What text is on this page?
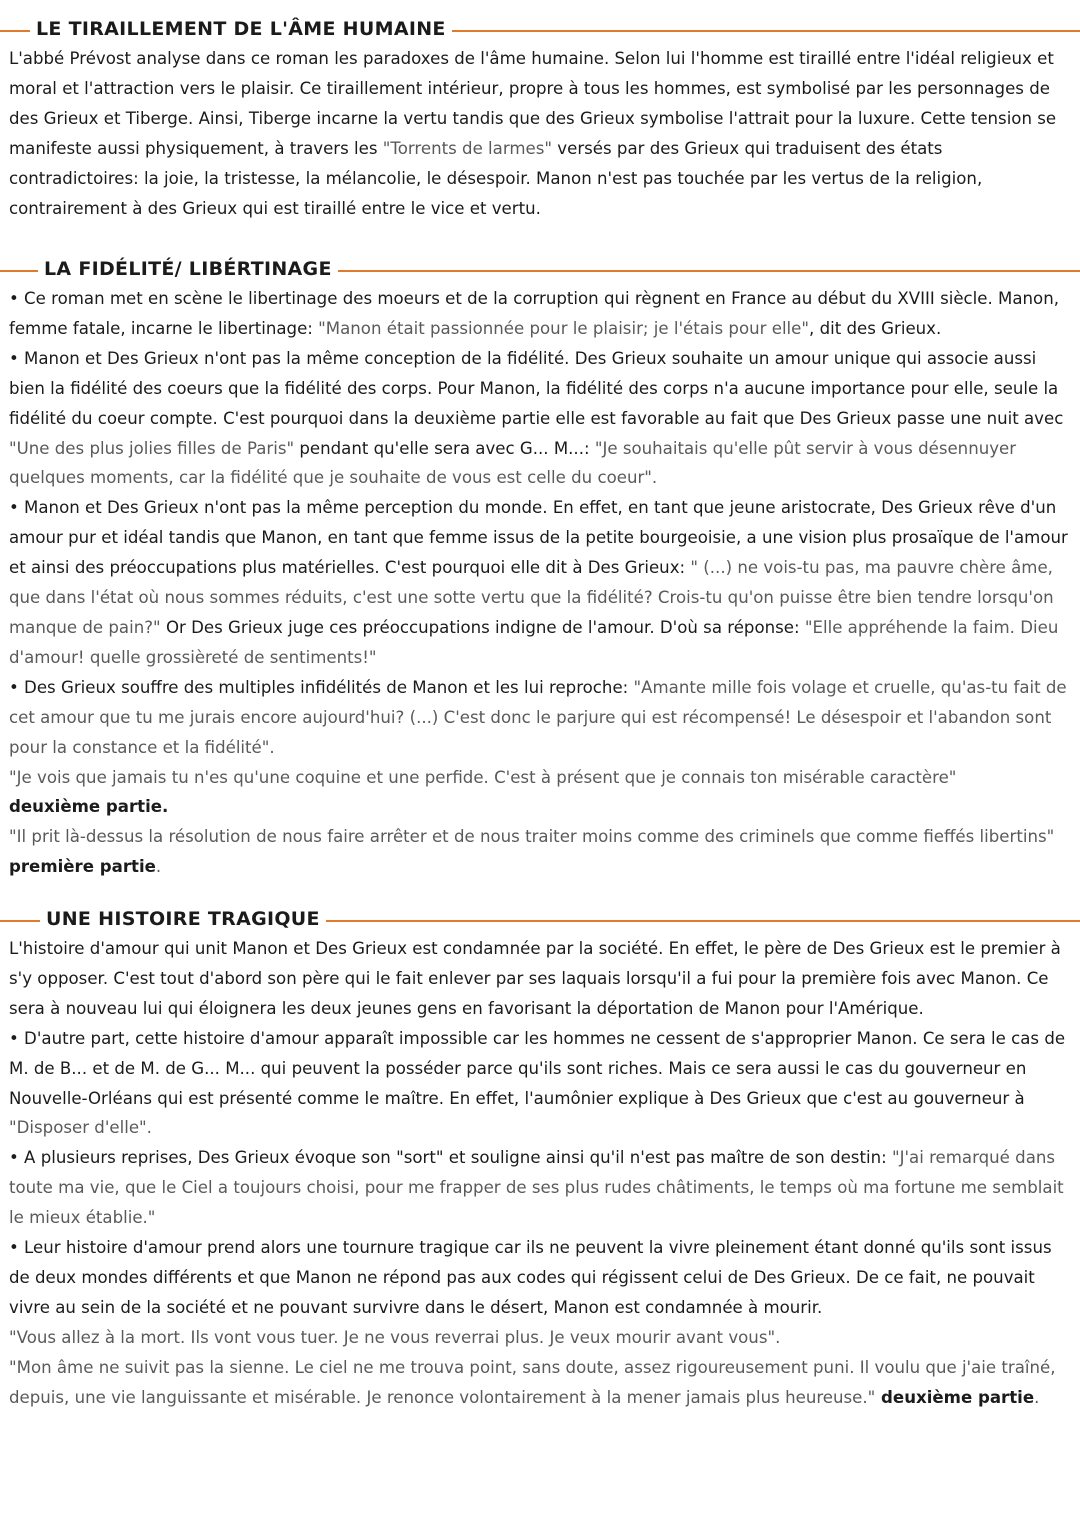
LE TIRAILLEMENT DE L'ÂME HUMAINE

L'abbé Prévost analyse dans ce roman les paradoxes de l'âme humaine. Selon lui l'homme est tiraillé entre l'idéal religieux et moral et l'attraction vers le plaisir. Ce tiraillement intérieur, propre à tous les hommes, est symbolisé par les personnages de des Grieux et Tiberge. Ainsi, Tiberge incarne la vertu tandis que des Grieux symbolise l'attrait pour la luxure. Cette tension se manifeste aussi physiquement, à travers les "Torrents de larmes" versés par des Grieux qui traduisent des états contradictoires: la joie, la tristesse, la mélancolie, le désespoir. Manon n'est pas touchée par les vertus de la religion, contrairement à des Grieux qui est tiraillé entre le vice et vertu.

LA FIDÉLITÉ/ LIBÉRTINAGE

• Ce roman met en scène le libertinage des moeurs et de la corruption qui règnent en France au début du XVIII siècle. Manon, femme fatale, incarne le libertinage: "Manon était passionnée pour le plaisir; je l'étais pour elle", dit des Grieux.

• Manon et Des Grieux n'ont pas la même conception de la fidélité. Des Grieux souhaite un amour unique qui associe aussi bien la fidélité des coeurs que la fidélité des corps. Pour Manon, la fidélité des corps n'a aucune importance pour elle, seule la fidélité du coeur compte. C'est pourquoi dans la deuxième partie elle est favorable au fait que Des Grieux passe une nuit avec "Une des plus jolies filles de Paris" pendant qu'elle sera avec G... M...: "Je souhaitais qu'elle pût servir à vous désennuyer quelques moments, car la fidélité que je souhaite de vous est celle du coeur".

• Manon et Des Grieux n'ont pas la même perception du monde. En effet, en tant que jeune aristocrate, Des Grieux rêve d'un amour pur et idéal tandis que Manon, en tant que femme issus de la petite bourgeoisie, a une vision plus prosaïque de l'amour et ainsi des préoccupations plus matérielles. C'est pourquoi elle dit à Des Grieux: " (...) ne vois-tu pas, ma pauvre chère âme, que dans l'état où nous sommes réduits, c'est une sotte vertu que la fidélité? Crois-tu qu'on puisse être bien tendre lorsqu'on manque de pain?" Or Des Grieux juge ces préoccupations indigne de l'amour. D'où sa réponse: "Elle appréhende la faim. Dieu d'amour! quelle grossièreté de sentiments!"

• Des Grieux souffre des multiples infidélités de Manon et les lui reproche: "Amante mille fois volage et cruelle, qu'as-tu fait de cet amour que tu me jurais encore aujourd'hui? (...) C'est donc le parjure qui est récompensé! Le désespoir et l'abandon sont pour la constance et la fidélité".

"Je vois que jamais tu n'es qu'une coquine et une perfide. C'est à présent que je connais ton misérable caractère"

deuxième partie.

"Il prit là-dessus la résolution de nous faire arrêter et de nous traiter moins comme des criminels que comme fieffés libertins" première partie.

UNE HISTOIRE TRAGIQUE

L'histoire d'amour qui unit Manon et Des Grieux est condamnée par la société. En effet, le père de Des Grieux est le premier à s'y opposer. C'est tout d'abord son père qui le fait enlever par ses laquais lorsqu'il a fui pour la première fois avec Manon. Ce sera à nouveau lui qui éloignera les deux jeunes gens en favorisant la déportation de Manon pour l'Amérique.

• D'autre part, cette histoire d'amour apparaît impossible car les hommes ne cessent de s'approprier Manon. Ce sera le cas de M. de B... et de M. de G... M... qui peuvent la posséder parce qu'ils sont riches. Mais ce sera aussi le cas du gouverneur en Nouvelle-Orléans qui est présenté comme le maître. En effet, l'aumônier explique à Des Grieux que c'est au gouverneur à "Disposer d'elle".

• A plusieurs reprises, Des Grieux évoque son "sort" et souligne ainsi qu'il n'est pas maître de son destin: "J'ai remarqué dans toute ma vie, que le Ciel a toujours choisi, pour me frapper de ses plus rudes châtiments, le temps où ma fortune me semblait le mieux établie."

• Leur histoire d'amour prend alors une tournure tragique car ils ne peuvent la vivre pleinement étant donné qu'ils sont issus de deux mondes différents et que Manon ne répond pas aux codes qui régissent celui de Des Grieux. De ce fait, ne pouvait vivre au sein de la société et ne pouvant survivre dans le désert, Manon est condamnée à mourir.

"Vous allez à la mort. Ils vont vous tuer. Je ne vous reverrai plus. Je veux mourir avant vous".

"Mon âme ne suivit pas la sienne. Le ciel ne me trouva point, sans doute, assez rigoureusement puni. Il voulu que j'aie traîné, depuis, une vie languissante et misérable. Je renonce volontairement à la mener jamais plus heureuse." deuxième partie.
